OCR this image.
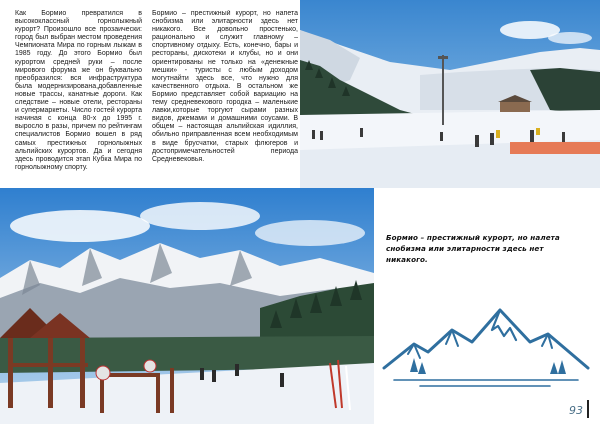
Как Бормио превратился в высококлассный горнолыжный курорт? Произошло все прозаически: город был выбран местом проведения Чемпионата Мира по горным лыжам в 1985 году. До этого Бормио был курортом средней руки – после мирового форума же он буквально преобразился: вся инфраструктура была модернизирована,добавленные новые трассы, канатные дороги. Как следствие – новые отели, рестораны и супермаркеты. Число гостей курорта начиная с конца 80-х до 1995 г. выросло в разы, причем по рейтингам специалистов Бормио вошел в ряд самых престижных горнолыжных альпийских курортов. Да и сегодня здесь проводится этап Кубка Мира по горнолыжному спорту.

Бормио – престижный курорт, но напета снобизма или элитарности здесь нет никакого. Все довольно простенько, рационально и служит главному – спортивному отдыху. Есть, конечно, бары и рестораны, дискотеки и клубы, но и они ориентированы не только на «денежные мешки» - туристы с любым доходом могутнайти здесь все, что нужно для качественного отдыха. В остальном же Бормио представляет собой вариацию на тему средневекового городка – маленькие лавки,которые торгуют сырами разных видов, джемами и домашними соусами. В общем – настоящая альпийская идиллия, обильно приправленная всем необходимым в виде брусчатки, старых флюгеров и достопримечательностей периода Средневековья.

Бормио – престижный курорт, но налета снобизма или элитарности здесь нет никакого.
93
